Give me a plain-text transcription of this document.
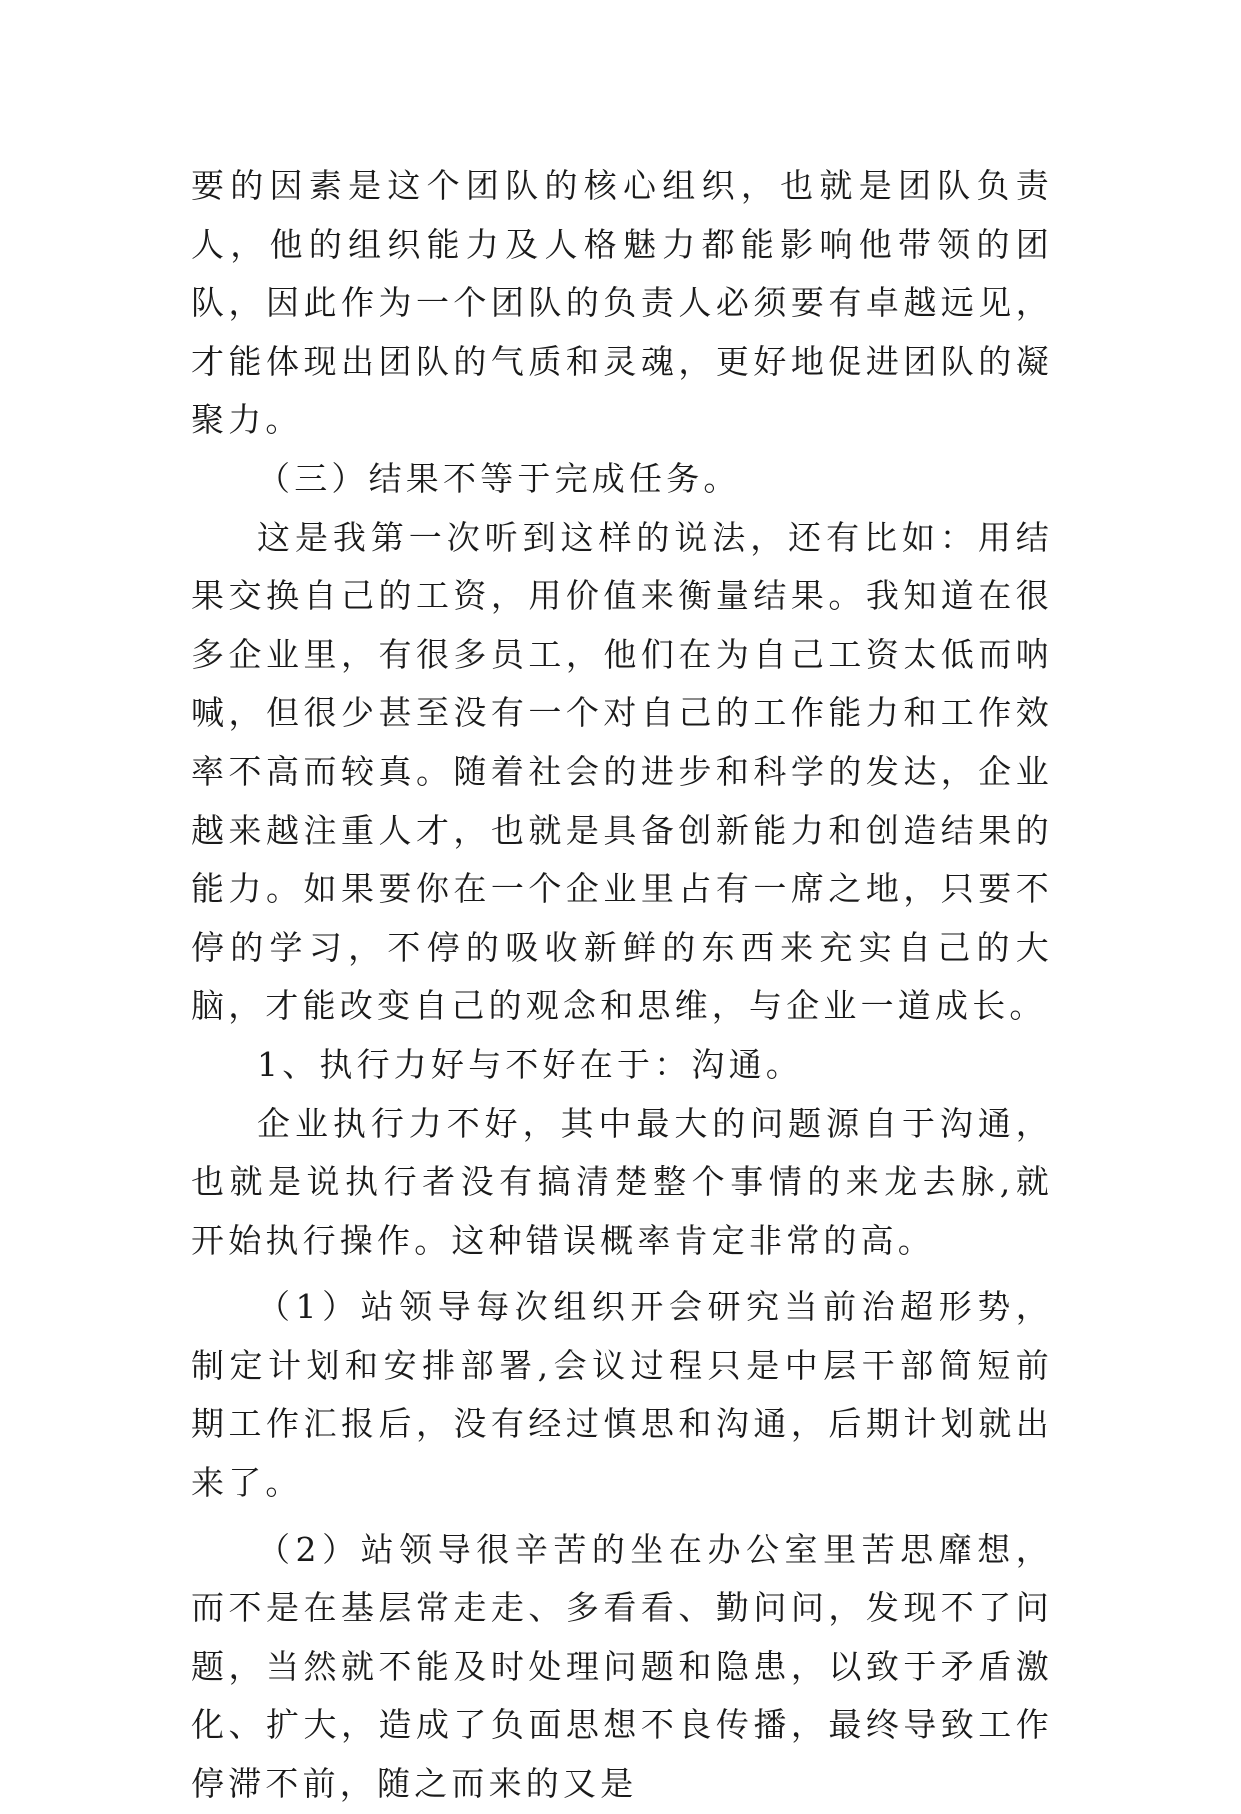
要的因素是这个团队的核心组织，也就是团队负责人，他的组织能力及人格魅力都能影响他带领的团队，因此作为一个团队的负责人必须要有卓越远见，才能体现出团队的气质和灵魂，更好地促进团队的凝聚力。

（三）结果不等于完成任务。

这是我第一次听到这样的说法，还有比如：用结果交换自己的工资，用价值来衡量结果。我知道在很多企业里，有很多员工，他们在为自己工资太低而呐喊，但很少甚至没有一个对自己的工作能力和工作效率不高而较真。随着社会的进步和科学的发达，企业越来越注重人才，也就是具备创新能力和创造结果的能力。如果要你在一个企业里占有一席之地，只要不停的学习，不停的吸收新鲜的东西来充实自己的大脑，才能改变自己的观念和思维，与企业一道成长。

1、执行力好与不好在于：沟通。

企业执行力不好，其中最大的问题源自于沟通，也就是说执行者没有搞清楚整个事情的来龙去脉,就开始执行操作。这种错误概率肯定非常的高。

（1）站领导每次组织开会研究当前治超形势，制定计划和安排部署,会议过程只是中层干部简短前期工作汇报后，没有经过慎思和沟通，后期计划就出来了。

（2）站领导很辛苦的坐在办公室里苦思靡想，而不是在基层常走走、多看看、勤问问，发现不了问题，当然就不能及时处理问题和隐患，以致于矛盾激化、扩大，造成了负面思想不良传播，最终导致工作停滞不前，随之而来的又是
